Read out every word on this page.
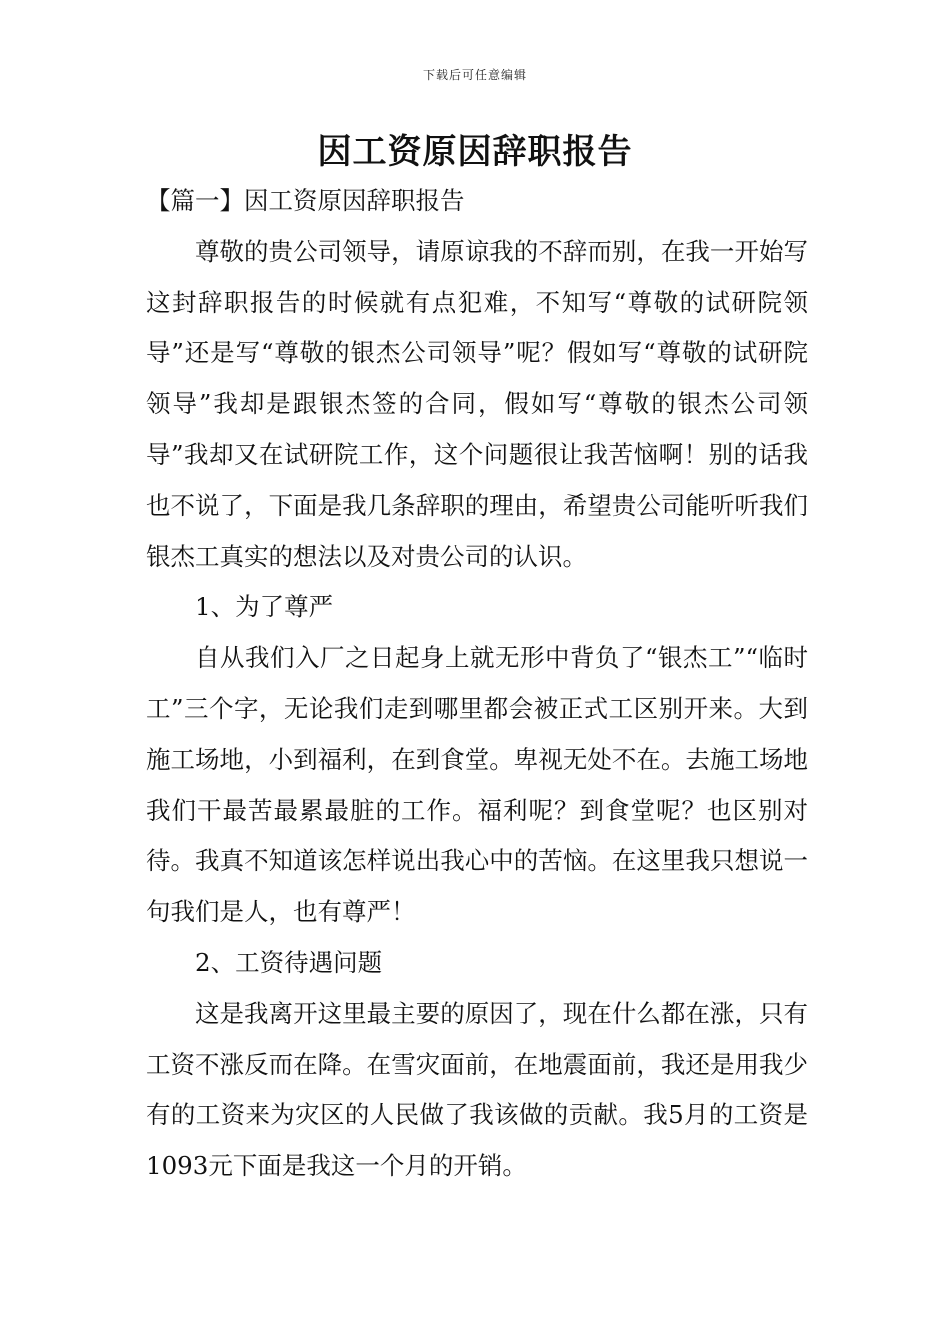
下载后可任意编辑
因工资原因辞职报告

【篇一】因工资原因辞职报告

尊敬的贵公司领导，请原谅我的不辞而别，在我一开始写这封辞职报告的时候就有点犯难，不知写“尊敬的试研院领导”还是写“尊敬的银杰公司领导”呢？假如写“尊敬的试研院领导”我却是跟银杰签的合同，假如写“尊敬的银杰公司领导”我却又在试研院工作，这个问题很让我苦恼啊！别的话我也不说了，下面是我几条辞职的理由，希望贵公司能听听我们银杰工真实的想法以及对贵公司的认识。

1、为了尊严

自从我们入厂之日起身上就无形中背负了“银杰工”“临时工”三个字，无论我们走到哪里都会被正式工区别开来。大到施工场地，小到福利，在到食堂。卑视无处不在。去施工场地我们干最苦最累最脏的工作。福利呢？到食堂呢？也区别对待。我真不知道该怎样说出我心中的苦恼。在这里我只想说一句我们是人，也有尊严！

2、工资待遇问题

这是我离开这里最主要的原因了，现在什么都在涨，只有工资不涨反而在降。在雪灾面前，在地震面前，我还是用我少有的工资来为灾区的人民做了我该做的贡献。我5月的工资是1093元下面是我这一个月的开销。
